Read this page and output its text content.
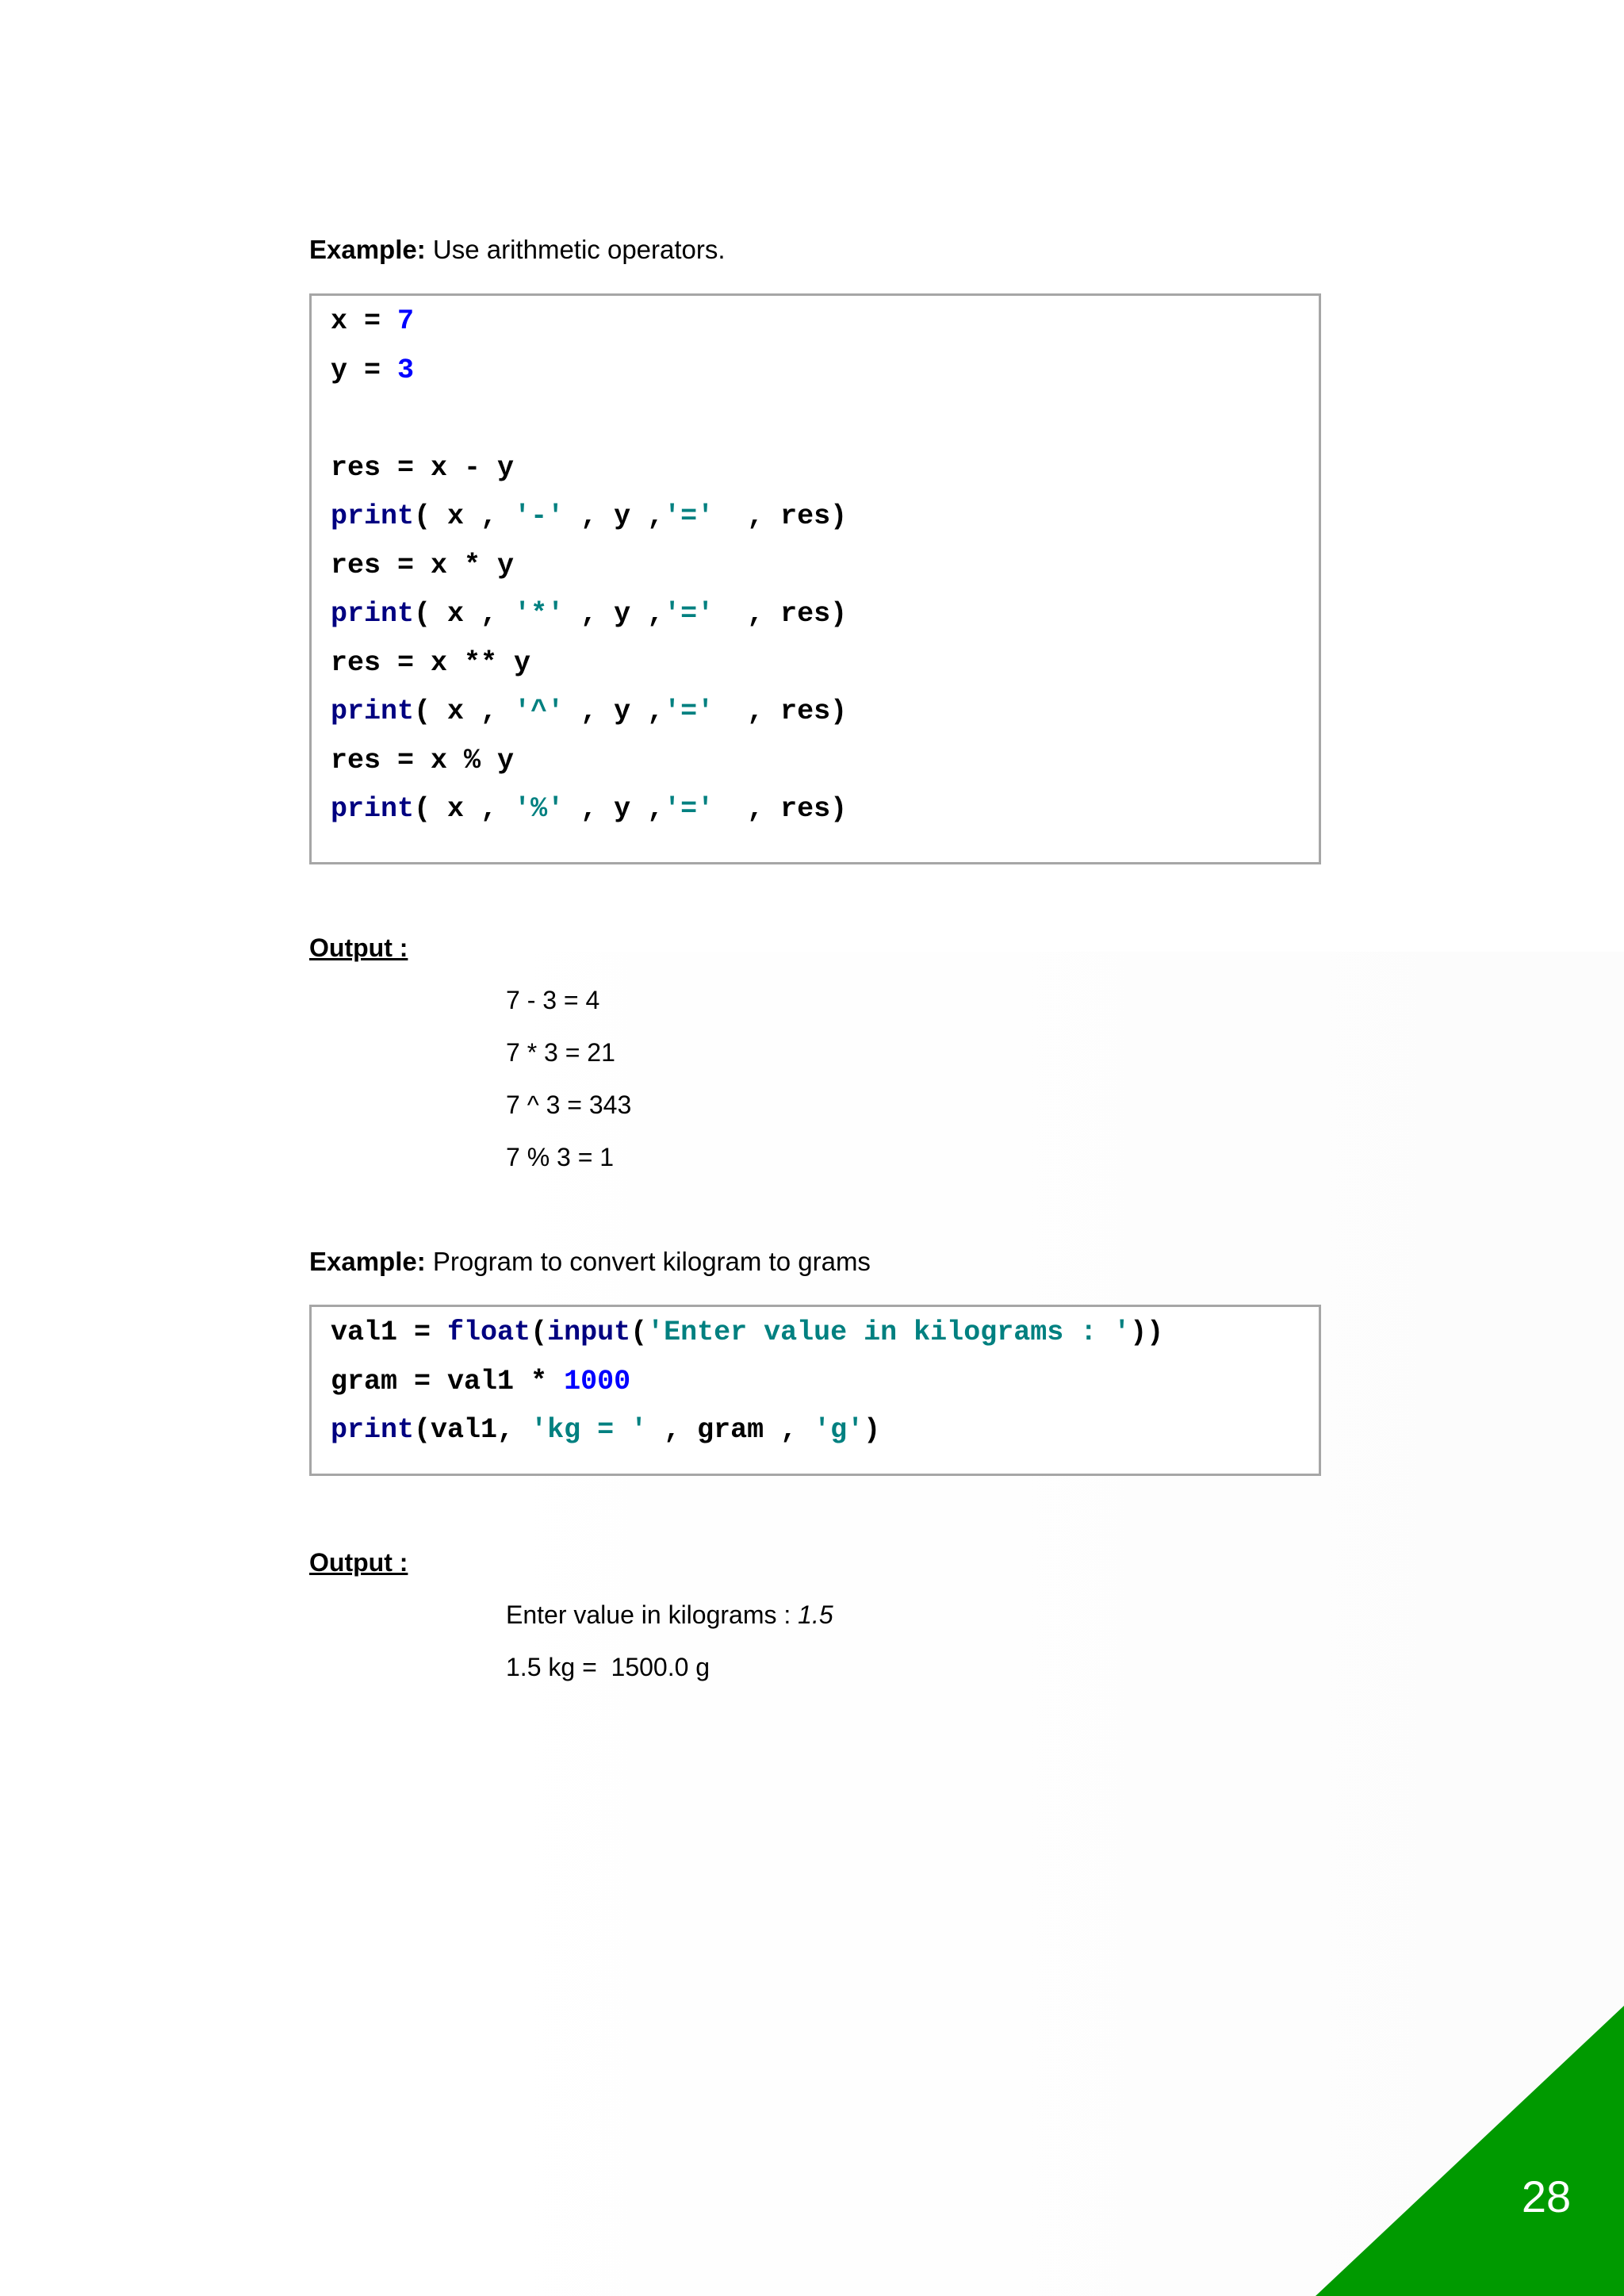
Example: Use arithmetic operators.
x = 7
y = 3
res = x - y
print( x , '-' , y ,'='  , res)
res = x * y
print( x , '*' , y ,'='  , res)
res = x ** y
print( x , '^' , y ,'='  , res)
res = x % y
print( x , '%' , y ,'='  , res)
Output :
7 - 3 = 4
7 * 3 = 21
7 ^ 3 = 343
7 % 3 = 1
Example: Program to convert kilogram to grams
val1 = float(input('Enter value in kilograms : '))
gram = val1 * 1000
print(val1, 'kg = ' , gram , 'g')
Output :
Enter value in kilograms : 1.5
1.5 kg =  1500.0 g
28
